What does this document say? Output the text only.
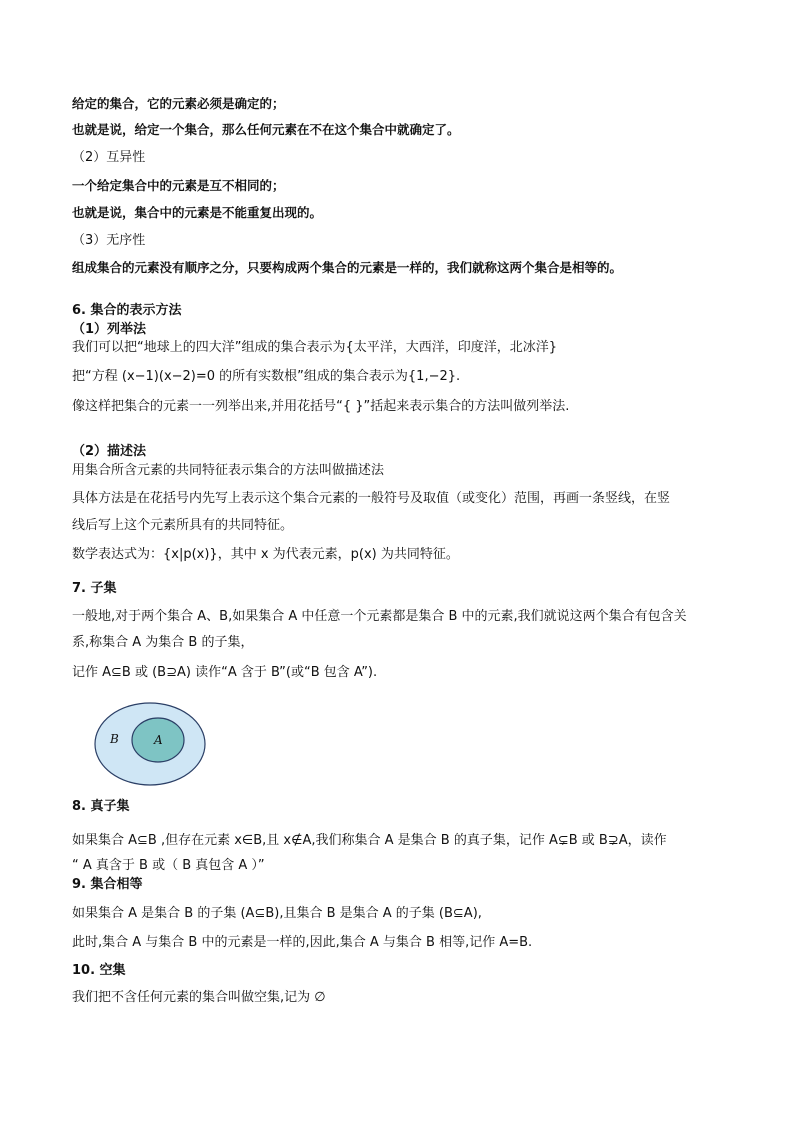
给定的集合，它的元素必须是确定的；
也就是说，给定一个集合，那么任何元素在不在这个集合中就确定了。
（2）互异性
一个给定集合中的元素是互不相同的；
也就是说，集合中的元素是不能重复出现的。
（3）无序性
组成集合的元素没有顺序之分，只要构成两个集合的元素是一样的，我们就称这两个集合是相等的。
6. 集合的表示方法
（1）列举法
我们可以把“地球上的四大洋”组成的集合表示为{太平洋，大西洋，印度洋，北冰洋}
把“方程 (x−1)(x−2)=0 的所有实数根”组成的集合表示为{1,−2}.
像这样把集合的元素一一列举出来,并用花括号“{ }”括起来表示集合的方法叫做列举法.
（2）描述法
用集合所含元素的共同特征表示集合的方法叫做描述法
具体方法是在花括号内先写上表示这个集合元素的一般符号及取值（或变化）范围，再画一条竖线，在竖
线后写上这个元素所具有的共同特征。
数学表达式为：{x|p(x)}，其中 x 为代表元素，p(x) 为共同特征。
7. 子集
一般地,对于两个集合 A、B,如果集合 A 中任意一个元素都是集合 B 中的元素,我们就说这两个集合有包含关
系,称集合 A 为集合 B 的子集，
记作 A⊆B 或 (B⊇A) 读作“A 含于 B”(或“B 包含 A”).
B	A
8. 真子集
如果集合 A⊆B ,但存在元素 x∈B,且 x∉A,我们称集合 A 是集合 B 的真子集，记作 A⊊B 或 B⊋A，读作
“ A 真含于 B 或（ B 真包含 A ）”
9. 集合相等
如果集合 A 是集合 B 的子集 (A⊆B),且集合 B 是集合 A 的子集 (B⊆A),
此时,集合 A 与集合 B 中的元素是一样的,因此,集合 A 与集合 B 相等,记作 A=B.
10. 空集
我们把不含任何元素的集合叫做空集,记为 ∅
